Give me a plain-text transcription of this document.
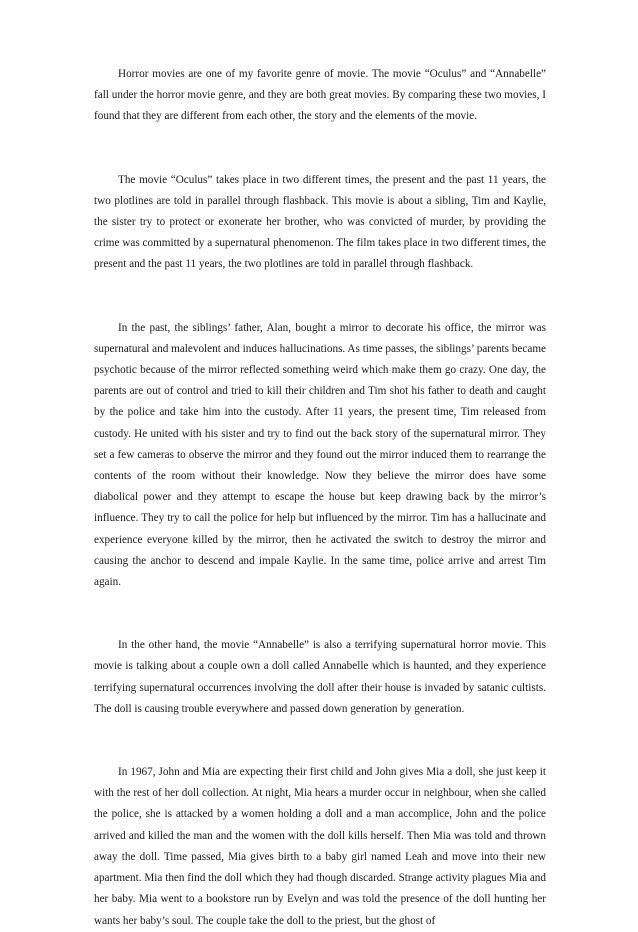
Horror movies are one of my favorite genre of movie. The movie “Oculus” and “Annabelle” fall under the horror movie genre, and they are both great movies. By comparing these two movies, I found that they are different from each other, the story and the elements of the movie.

The movie “Oculus” takes place in two different times, the present and the past 11 years, the two plotlines are told in parallel through flashback. This movie is about a sibling, Tim and Kaylie, the sister try to protect or exonerate her brother, who was convicted of murder, by providing the crime was committed by a supernatural phenomenon. The film takes place in two different times, the present and the past 11 years, the two plotlines are told in parallel through flashback.

In the past, the siblings’ father, Alan, bought a mirror to decorate his office, the mirror was supernatural and malevolent and induces hallucinations. As time passes, the siblings’ parents became psychotic because of the mirror reflected something weird which make them go crazy. One day, the parents are out of control and tried to kill their children and Tim shot his father to death and caught by the police and take him into the custody. After 11 years, the present time, Tim released from custody. He united with his sister and try to find out the back story of the supernatural mirror. They set a few cameras to observe the mirror and they found out the mirror induced them to rearrange the contents of the room without their knowledge. Now they believe the mirror does have some diabolical power and they attempt to escape the house but keep drawing back by the mirror’s influence. They try to call the police for help but influenced by the mirror. Tim has a hallucinate and experience everyone killed by the mirror, then he activated the switch to destroy the mirror and causing the anchor to descend and impale Kaylie. In the same time, police arrive and arrest Tim again.

In the other hand, the movie “Annabelle” is also a terrifying supernatural horror movie. This movie is talking about a couple own a doll called Annabelle which is haunted, and they experience terrifying supernatural occurrences involving the doll after their house is invaded by satanic cultists. The doll is causing trouble everywhere and passed down generation by generation.

In 1967, John and Mia are expecting their first child and John gives Mia a doll, she just keep it with the rest of her doll collection. At night, Mia hears a murder occur in neighbour, when she called the police, she is attacked by a women holding a doll and a man accomplice, John and the police arrived and killed the man and the women with the doll kills herself. Then Mia was told and thrown away the doll. Time passed, Mia gives birth to a baby girl named Leah and move into their new apartment. Mia then find the doll which they had though discarded. Strange activity plagues Mia and her baby. Mia went to a bookstore run by Evelyn and was told the presence of the doll hunting her wants her baby’s soul. The couple take the doll to the priest, but the ghost of
